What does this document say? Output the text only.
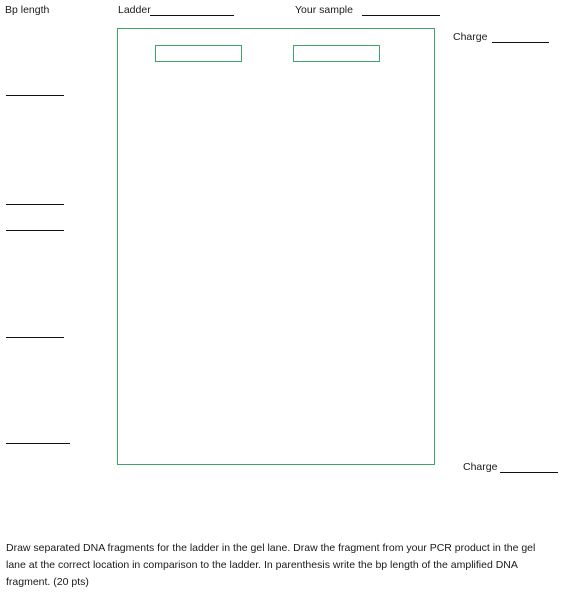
Bp length	Ladder	Your sample
Charge
Charge

Draw separated DNA fragments for the ladder in the gel lane. Draw the fragment from your PCR product in the gel lane at the correct location in comparison to the ladder. In parenthesis write the bp length of the amplified DNA fragment. (20 pts)
